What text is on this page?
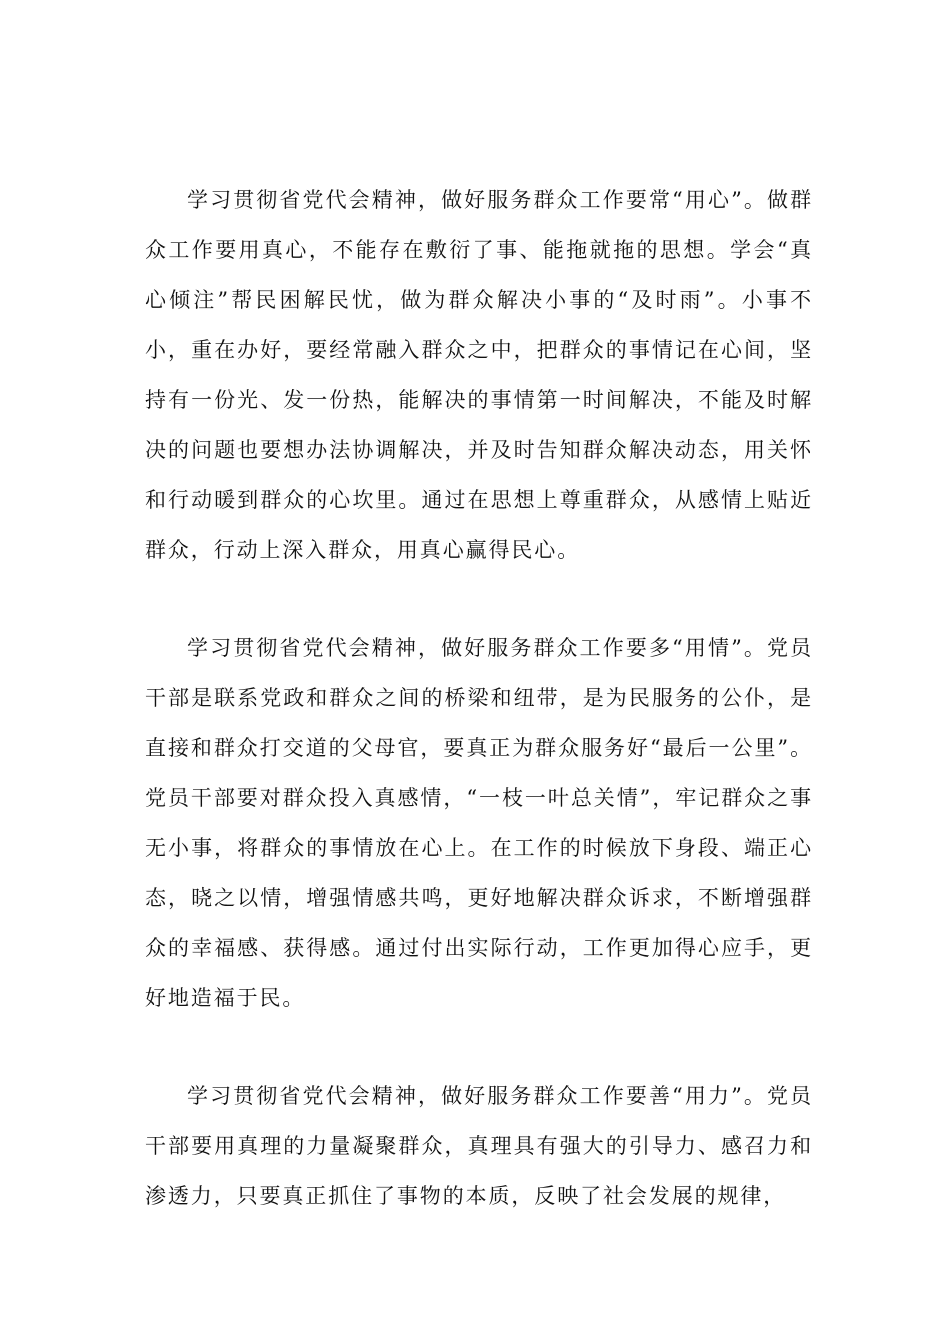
学习贯彻省党代会精神，做好服务群众工作要常“用心”。做群众工作要用真心，不能存在敷衍了事、能拖就拖的思想。学会“真心倾注”帮民困解民忧，做为群众解决小事的“及时雨”。小事不小，重在办好，要经常融入群众之中，把群众的事情记在心间，坚持有一份光、发一份热，能解决的事情第一时间解决，不能及时解决的问题也要想办法协调解决，并及时告知群众解决动态，用关怀和行动暖到群众的心坎里。通过在思想上尊重群众，从感情上贴近群众，行动上深入群众，用真心赢得民心。

学习贯彻省党代会精神，做好服务群众工作要多“用情”。党员干部是联系党政和群众之间的桥梁和纽带，是为民服务的公仆，是直接和群众打交道的父母官，要真正为群众服务好“最后一公里”。党员干部要对群众投入真感情，“一枝一叶总关情”，牢记群众之事无小事，将群众的事情放在心上。在工作的时候放下身段、端正心态，晓之以情，增强情感共鸣，更好地解决群众诉求，不断增强群众的幸福感、获得感。通过付出实际行动，工作更加得心应手，更好地造福于民。

学习贯彻省党代会精神，做好服务群众工作要善“用力”。党员干部要用真理的力量凝聚群众，真理具有强大的引导力、感召力和渗透力，只要真正抓住了事物的本质，反映了社会发展的规律，
